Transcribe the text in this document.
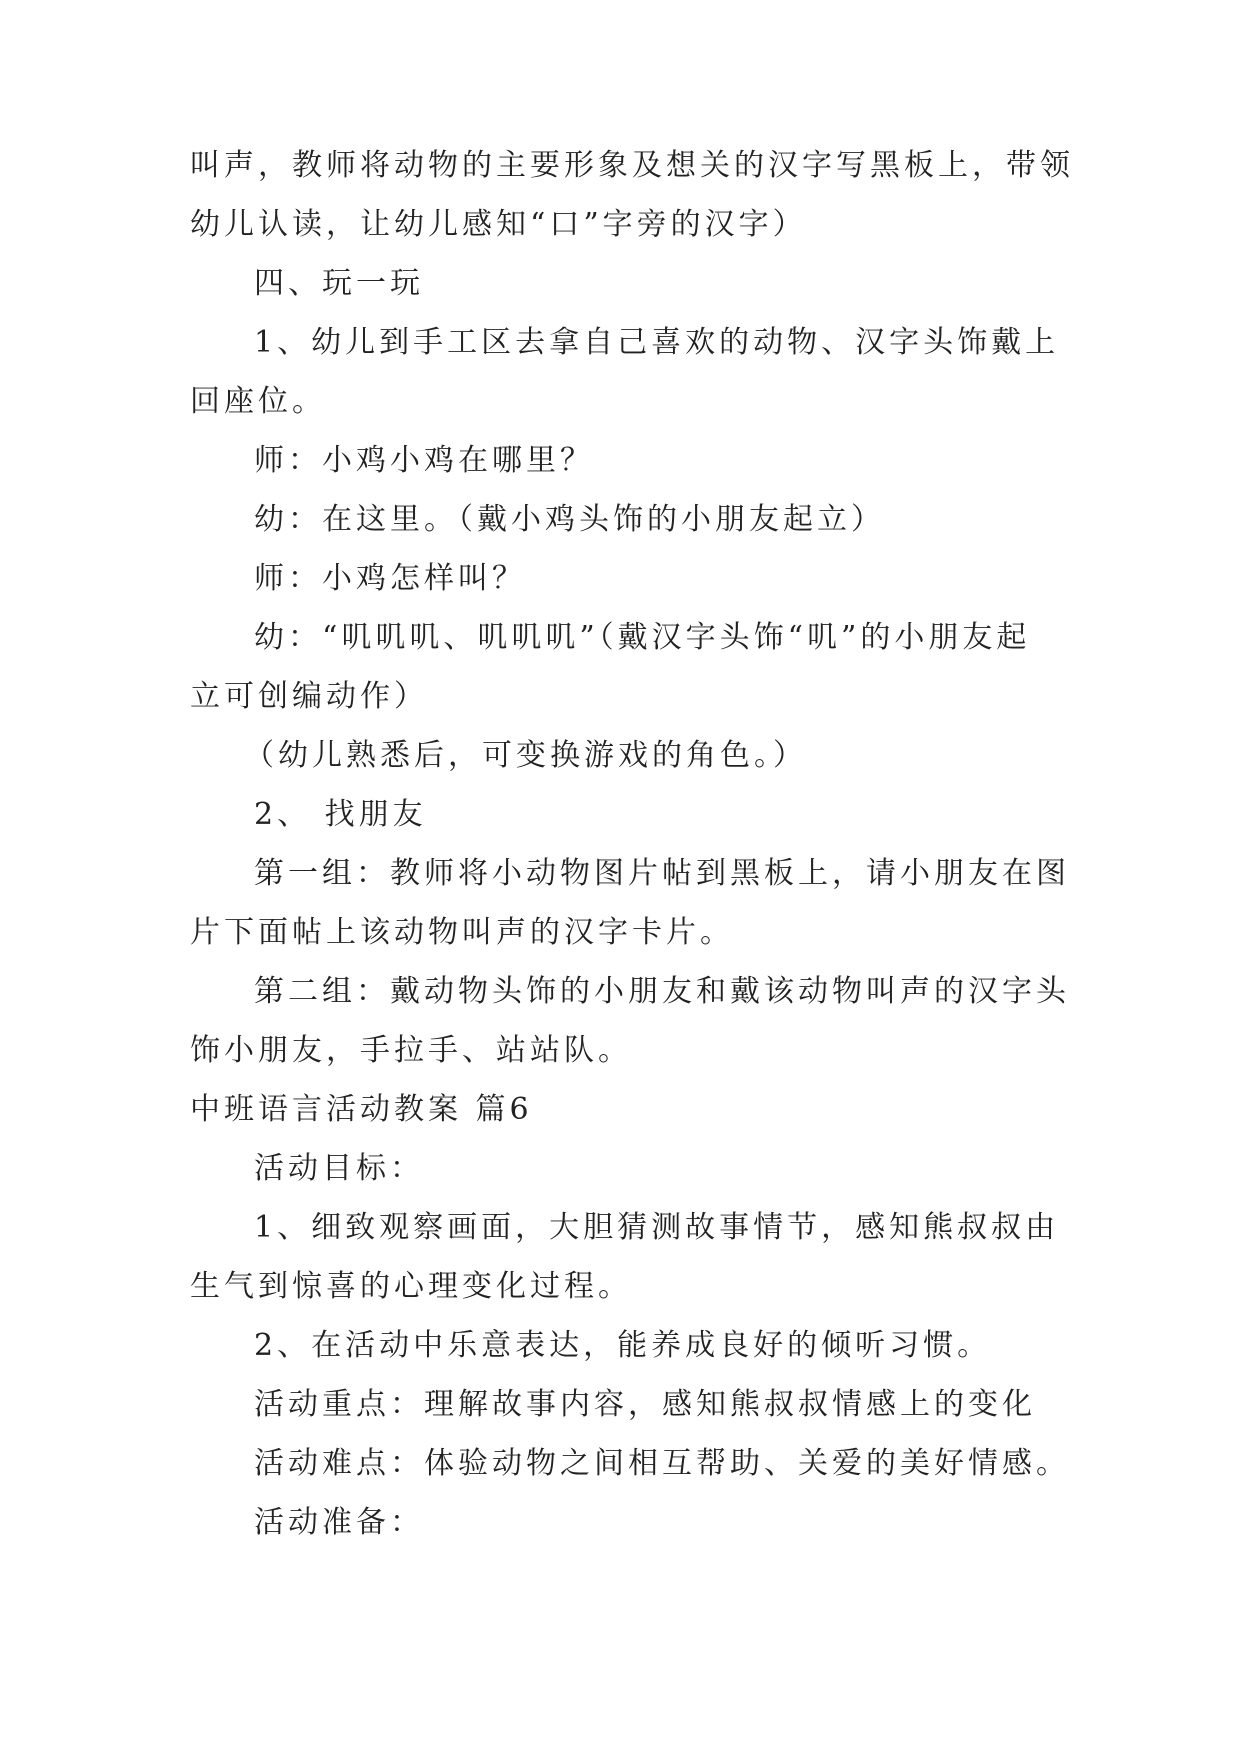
叫声，教师将动物的主要形象及想关的汉字写黑板上，带领
幼儿认读，让幼儿感知“口”字旁的汉字）
四、玩一玩
1、幼儿到手工区去拿自己喜欢的动物、汉字头饰戴上
回座位。
师：小鸡小鸡在哪里？
幼：在这里。（戴小鸡头饰的小朋友起立）
师：小鸡怎样叫？
幼：“叽叽叽、叽叽叽”（戴汉字头饰“叽”的小朋友起
立可创编动作）
（幼儿熟悉后，可变换游戏的角色。）
2、 找朋友
第一组：教师将小动物图片帖到黑板上，请小朋友在图
片下面帖上该动物叫声的汉字卡片。
第二组：戴动物头饰的小朋友和戴该动物叫声的汉字头
饰小朋友，手拉手、站站队。
中班语言活动教案 篇6
活动目标：
1、细致观察画面，大胆猜测故事情节，感知熊叔叔由
生气到惊喜的心理变化过程。
2、在活动中乐意表达，能养成良好的倾听习惯。
活动重点：理解故事内容，感知熊叔叔情感上的变化
活动难点：体验动物之间相互帮助、关爱的美好情感。
活动准备：
